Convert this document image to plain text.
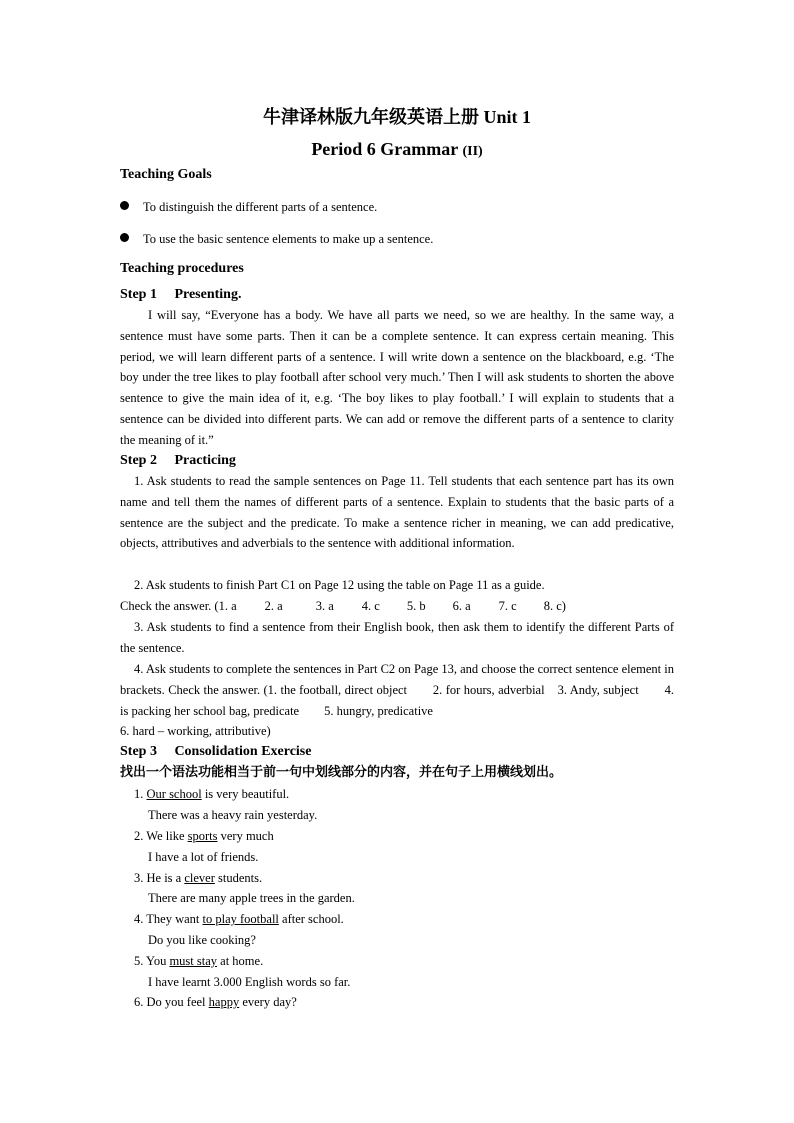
牛津译林版九年级英语上册 Unit 1
Period 6 Grammar (II)
Teaching Goals
To distinguish the different parts of a sentence.
To use the basic sentence elements to make up a sentence.
Teaching procedures
Step 1　 Presenting.
I will say, “Everyone has a body. We have all parts we need, so we are healthy. In the same way, a sentence must have some parts. Then it can be a complete sentence. It can express certain meaning. This period, we will learn different parts of a sentence. I will write down a sentence on the blackboard, e.g. ‘The boy under the tree likes to play football after school very much.’ Then I will ask students to shorten the above sentence to give the main idea of it, e.g. ‘The boy likes to play football.’ I will explain to students that a sentence can be divided into different parts. We can add or remove the different parts of a sentence to clarity the meaning of it.”
Step 2　 Practicing
1. Ask students to read the sample sentences on Page 11. Tell students that each sentence part has its own name and tell them the names of different parts of a sentence. Explain to students that the basic parts of a sentence are the subject and the predicate. To make a sentence richer in meaning, we can add predicative, objects, attributives and adverbials to the sentence with additional information.
2. Ask students to finish Part C1 on Page 12 using the table on Page 11 as a guide.
Check the answer. (1. a 2. a	3. a 4. c 5. b 6. a 7. c 8. c)
3. Ask students to find a sentence from their English book, then ask them to identify the different Parts of the sentence.
4. Ask students to complete the sentences in Part C2 on Page 13, and choose the correct sentence element in brackets. Check the answer. (1. the football, direct object　　2. for hours, adverbial　3. Andy, subject　　4. is packing her school bag, predicate　　5. hungry, predicative
6. hard – working, attributive)
Step 3　 Consolidation Exercise
找出一个语法功能相当于前一句中划线部分的内容，并在句子上用横线划出。
1. Our school is very beautiful.
There was a heavy rain yesterday.
2. We like sports very much
I have a lot of friends.
3. He is a clever students.
There are many apple trees in the garden.
4. They want to play football after school.
Do you like cooking?
5. You must stay at home.
I have learnt 3.000 English words so far.
6. Do you feel happy every day?
